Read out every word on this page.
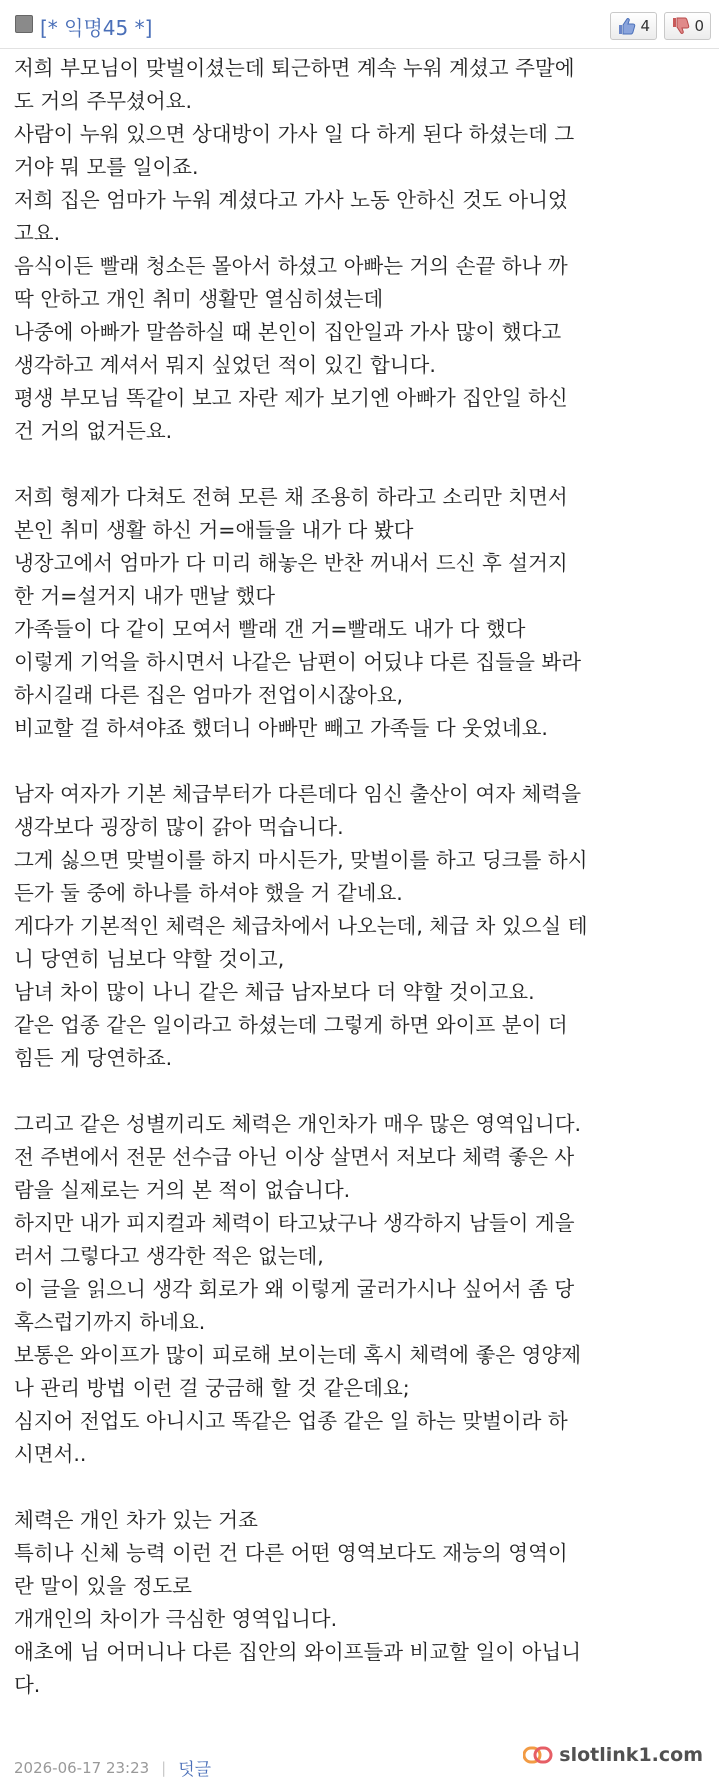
[* 익명45 *]	4	0
저희 부모님이 맞벌이셨는데 퇴근하면 계속 누워 계셨고 주말에
도 거의 주무셨어요.
사람이 누워 있으면 상대방이 가사 일 다 하게 된다 하셨는데 그
거야 뭐 모를 일이죠.
저희 집은 엄마가 누워 계셨다고 가사 노동 안하신 것도 아니었
고요.
음식이든 빨래 청소든 몰아서 하셨고 아빠는 거의 손끝 하나 까
딱 안하고 개인 취미 생활만 열심히셨는데
나중에 아빠가 말씀하실 때 본인이 집안일과 가사 많이 했다고
생각하고 계셔서 뭐지 싶었던 적이 있긴 합니다.
평생 부모님 똑같이 보고 자란 제가 보기엔 아빠가 집안일 하신
건 거의 없거든요.
저희 형제가 다쳐도 전혀 모른 채 조용히 하라고 소리만 치면서
본인 취미 생활 하신 거=애들을 내가 다 봤다
냉장고에서 엄마가 다 미리 해놓은 반찬 꺼내서 드신 후 설거지
한 거=설거지 내가 맨날 했다
가족들이 다 같이 모여서 빨래 갠 거=빨래도 내가 다 했다
이렇게 기억을 하시면서 나같은 남편이 어딨냐 다른 집들을 봐라
하시길래 다른 집은 엄마가 전업이시잖아요,
비교할 걸 하셔야죠 했더니 아빠만 빼고 가족들 다 웃었네요.
남자 여자가 기본 체급부터가 다른데다 임신 출산이 여자 체력을
생각보다 굉장히 많이 갉아 먹습니다.
그게 싫으면 맞벌이를 하지 마시든가, 맞벌이를 하고 딩크를 하시
든가 둘 중에 하나를 하셔야 했을 거 같네요.
게다가 기본적인 체력은 체급차에서 나오는데, 체급 차 있으실 테
니 당연히 님보다 약할 것이고,
남녀 차이 많이 나니 같은 체급 남자보다 더 약할 것이고요.
같은 업종 같은 일이라고 하셨는데 그렇게 하면 와이프 분이 더
힘든 게 당연하죠.
그리고 같은 성별끼리도 체력은 개인차가 매우 많은 영역입니다.
전 주변에서 전문 선수급 아닌 이상 살면서 저보다 체력 좋은 사
람을 실제로는 거의 본 적이 없습니다.
하지만 내가 피지컬과 체력이 타고났구나 생각하지 남들이 게을
러서 그렇다고 생각한 적은 없는데,
이 글을 읽으니 생각 회로가 왜 이렇게 굴러가시나 싶어서 좀 당
혹스럽기까지 하네요.
보통은 와이프가 많이 피로해 보이는데 혹시 체력에 좋은 영양제
나 관리 방법 이런 걸 궁금해 할 것 같은데요;
심지어 전업도 아니시고 똑같은 업종 같은 일 하는 맞벌이라 하
시면서..
체력은 개인 차가 있는 거죠
특히나 신체 능력 이런 건 다른 어떤 영역보다도 재능의 영역이
란 말이 있을 정도로
개개인의 차이가 극심한 영역입니다.
애초에 님 어머니나 다른 집안의 와이프들과 비교할 일이 아닙니
다.
2026-06-17 23:23 | 덧글
slotlink1.com
